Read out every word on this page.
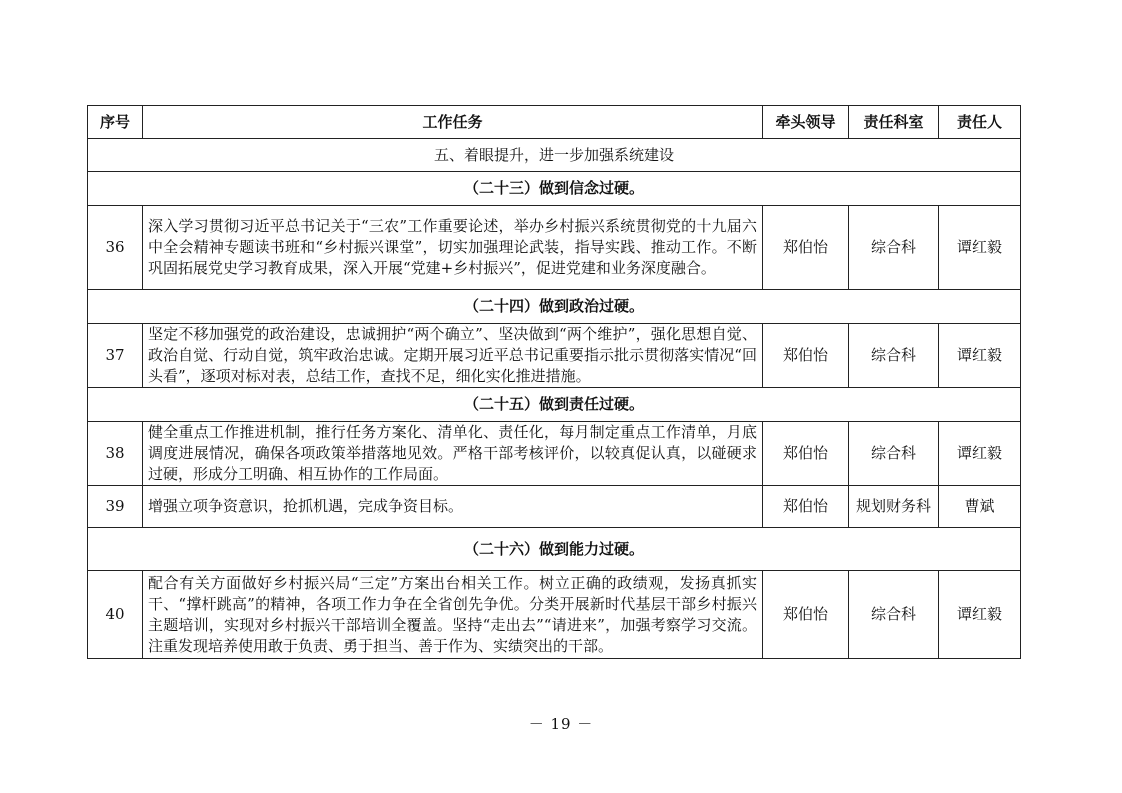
序号	工作任务	牵头领导	责任科室	责任人
五、着眼提升，进一步加强系统建设				
（二十三）做到信念过硬。				
36	深入学习贯彻习近平总书记关于“三农”工作重要论述，举办乡村振兴系统贯彻党的十九届六中全会精神专题读书班和“乡村振兴课堂”，切实加强理论武装，指导实践、推动工作。不断巩固拓展党史学习教育成果，深入开展“党建+乡村振兴”，促进党建和业务深度融合。	郑伯怡	综合科	谭红毅
（二十四）做到政治过硬。				
37	坚定不移加强党的政治建设，忠诚拥护“两个确立”、坚决做到“两个维护”，强化思想自觉、政治自觉、行动自觉，筑牢政治忠诚。定期开展习近平总书记重要指示批示贯彻落实情况“回头看”，逐项对标对表，总结工作，查找不足，细化实化推进措施。	郑伯怡	综合科	谭红毅
（二十五）做到责任过硬。				
38	健全重点工作推进机制，推行任务方案化、清单化、责任化，每月制定重点工作清单，月底调度进展情况，确保各项政策举措落地见效。严格干部考核评价，以较真促认真，以碰硬求过硬，形成分工明确、相互协作的工作局面。	郑伯怡	综合科	谭红毅
39	增强立项争资意识，抢抓机遇，完成争资目标。	郑伯怡	规划财务科	曹斌
（二十六）做到能力过硬。				
40	配合有关方面做好乡村振兴局“三定”方案出台相关工作。树立正确的政绩观，发扬真抓实干、“撑杆跳高”的精神，各项工作力争在全省创先争优。分类开展新时代基层干部乡村振兴主题培训，实现对乡村振兴干部培训全覆盖。坚持“走出去”“请进来”，加强考察学习交流。注重发现培养使用敢于负责、勇于担当、善于作为、实绩突出的干部。	郑伯怡	综合科	谭红毅
－ 19 －
